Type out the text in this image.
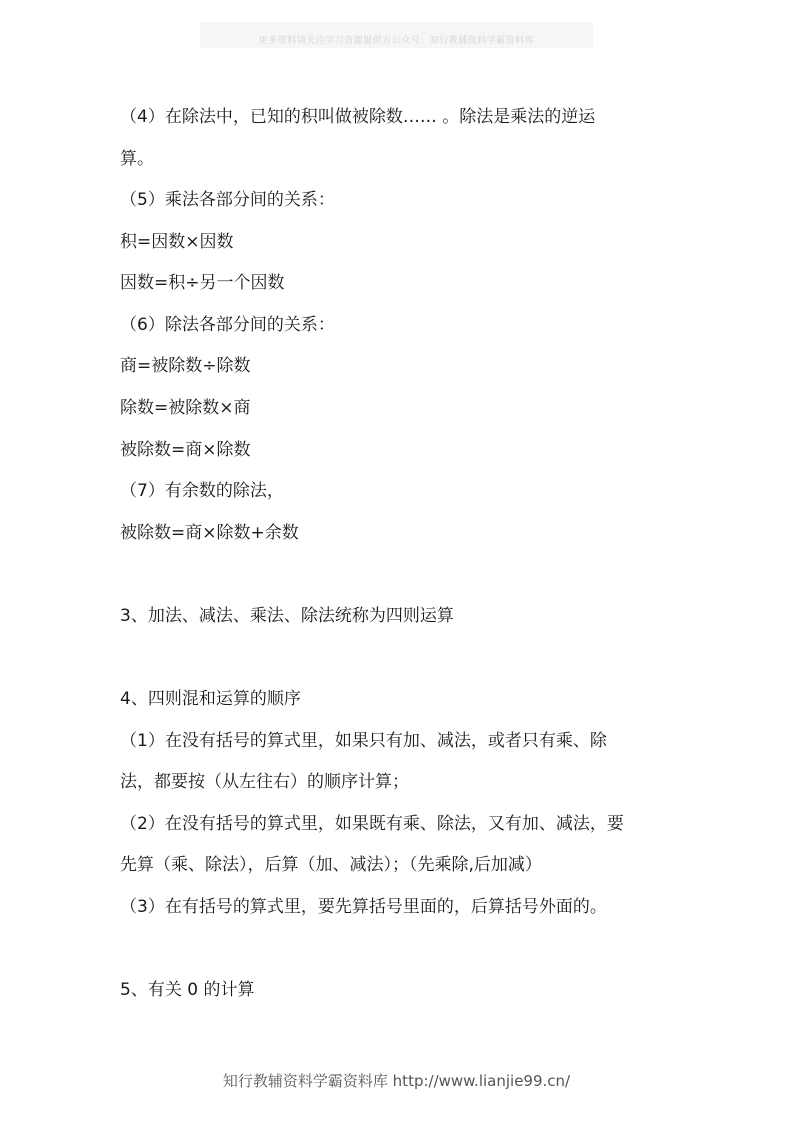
更多资料请关注学习资源提供方公众号：知行教辅资料学霸资料库

（4）在除法中，已知的积叫做被除数…… 。除法是乘法的逆运

算。

（5）乘法各部分间的关系：

积=因数×因数

因数=积÷另一个因数

（6）除法各部分间的关系：

商=被除数÷除数

除数=被除数×商

被除数=商×除数

（7）有余数的除法，

被除数=商×除数+余数

3、加法、减法、乘法、除法统称为四则运算

4、四则混和运算的顺序

（1）在没有括号的算式里，如果只有加、减法，或者只有乘、除

法，都要按（从左往右）的顺序计算；

（2）在没有括号的算式里，如果既有乘、除法，又有加、减法，要

先算（乘、除法），后算（加、减法）；（先乘除,后加减）

（3）在有括号的算式里，要先算括号里面的，后算括号外面的。

5、有关 0 的计算

知行教辅资料学霸资料库 http://www.lianjie99.cn/
